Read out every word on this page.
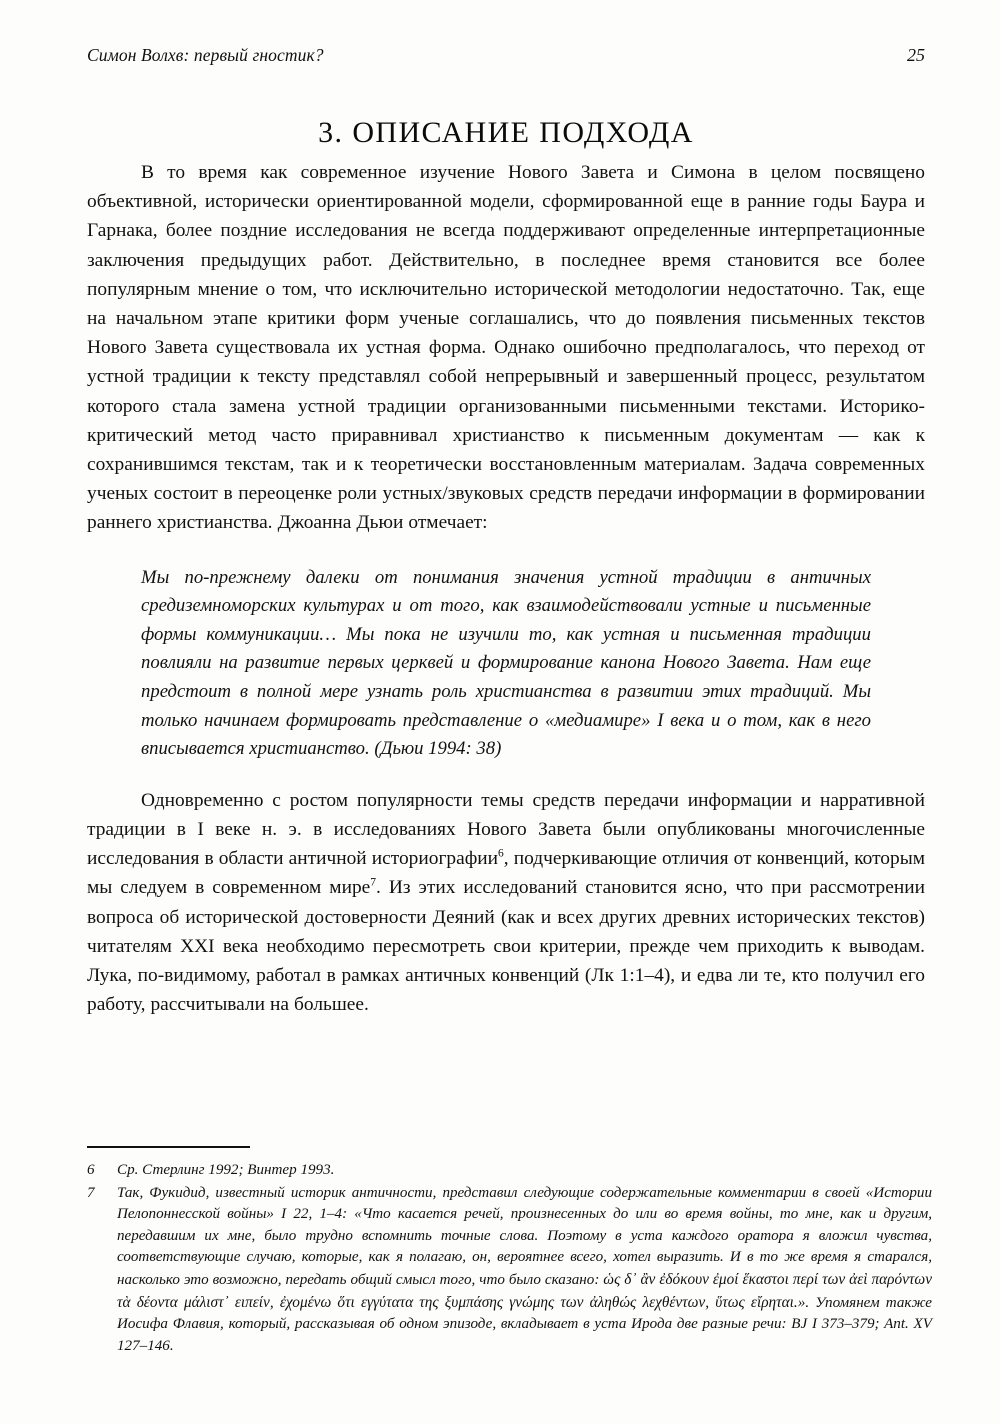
Симон Волхв: первый гностик?	25
3. ОПИСАНИЕ ПОДХОДА

В то время как современное изучение Нового Завета и Симона в целом посвящено объективной, исторически ориентированной модели, сформированной еще в ранние годы Баура и Гарнака, более поздние исследования не всегда поддерживают определенные интерпретационные заключения предыдущих работ. Действительно, в последнее время становится все более популярным мнение о том, что исключительно исторической методологии недостаточно. Так, еще на начальном этапе критики форм ученые соглашались, что до появления письменных текстов Нового Завета существовала их устная форма. Однако ошибочно предполагалось, что переход от устной традиции к тексту представлял собой непрерывный и завершенный процесс, результатом которого стала замена устной традиции организованными письменными текстами. Историко-критический метод часто приравнивал христианство к письменным документам — как к сохранившимся текстам, так и к теоретически восстановленным материалам. Задача современных ученых состоит в переоценке роли устных/звуковых средств передачи информации в формировании раннего христианства. Джоанна Дьюи отмечает:

Мы по-прежнему далеки от понимания значения устной традиции в античных средиземноморских культурах и от того, как взаимодействовали устные и письменные формы коммуникации… Мы пока не изучили то, как устная и письменная традиции повлияли на развитие первых церквей и формирование канона Нового Завета. Нам еще предстоит в полной мере узнать роль христианства в развитии этих традиций. Мы только начинаем формировать представление о «медиамире» I века и о том, как в него вписывается христианство. (Дьюи 1994: 38)

Одновременно с ростом популярности темы средств передачи информации и нарративной традиции в I веке н. э. в исследованиях Нового Завета были опубликованы многочисленные исследования в области античной историографии$^6$, подчеркивающие отличия от конвенций, которым мы следуем в современном мире$^7$. Из этих исследований становится ясно, что при рассмотрении вопроса об исторической достоверности Деяний (как и всех других древних исторических текстов) читателям XXI века необходимо пересмотреть свои критерии, прежде чем приходить к выводам. Лука, по-видимому, работал в рамках античных конвенций (Лк 1:1–4), и едва ли те, кто получил его работу, рассчитывали на большее.

6	Ср. Стерлинг 1992; Винтер 1993.
7	Так, Фукидид, известный историк античности, представил следующие содержательные комментарии в своей «Истории Пелопоннесской войны» I 22, 1–4: «Что касается речей, произнесенных до или во время войны, то мне, как и другим, передавшим их мне, было трудно вспомнить точные слова. Поэтому в уста каждого оратора я вложил чувства, соответствующие случаю, которые, как я полагаю, он, вероятнее всего, хотел выразить. И в то же время я старался, насколько это возможно, передать общий смысл того, что было сказано: ὡς δ᾽ ἂν ἐδόκουν ἐμοί ἕκαστοι περί των ἀεὶ παρόντων τὰ δέοντα μάλιστ᾽ ειπείν, ἐχομένω ὅτι εγγύτατα της ξυμπάσης γνώμης των ἀληθώς λεχθέντων, ὕτως εἴρηται.». Упомянем также Иосифа Флавия, который, рассказывая об одном эпизоде, вкладывает в уста Ирода две разные речи: BJ I 373–379; Ant. XV 127–146.
